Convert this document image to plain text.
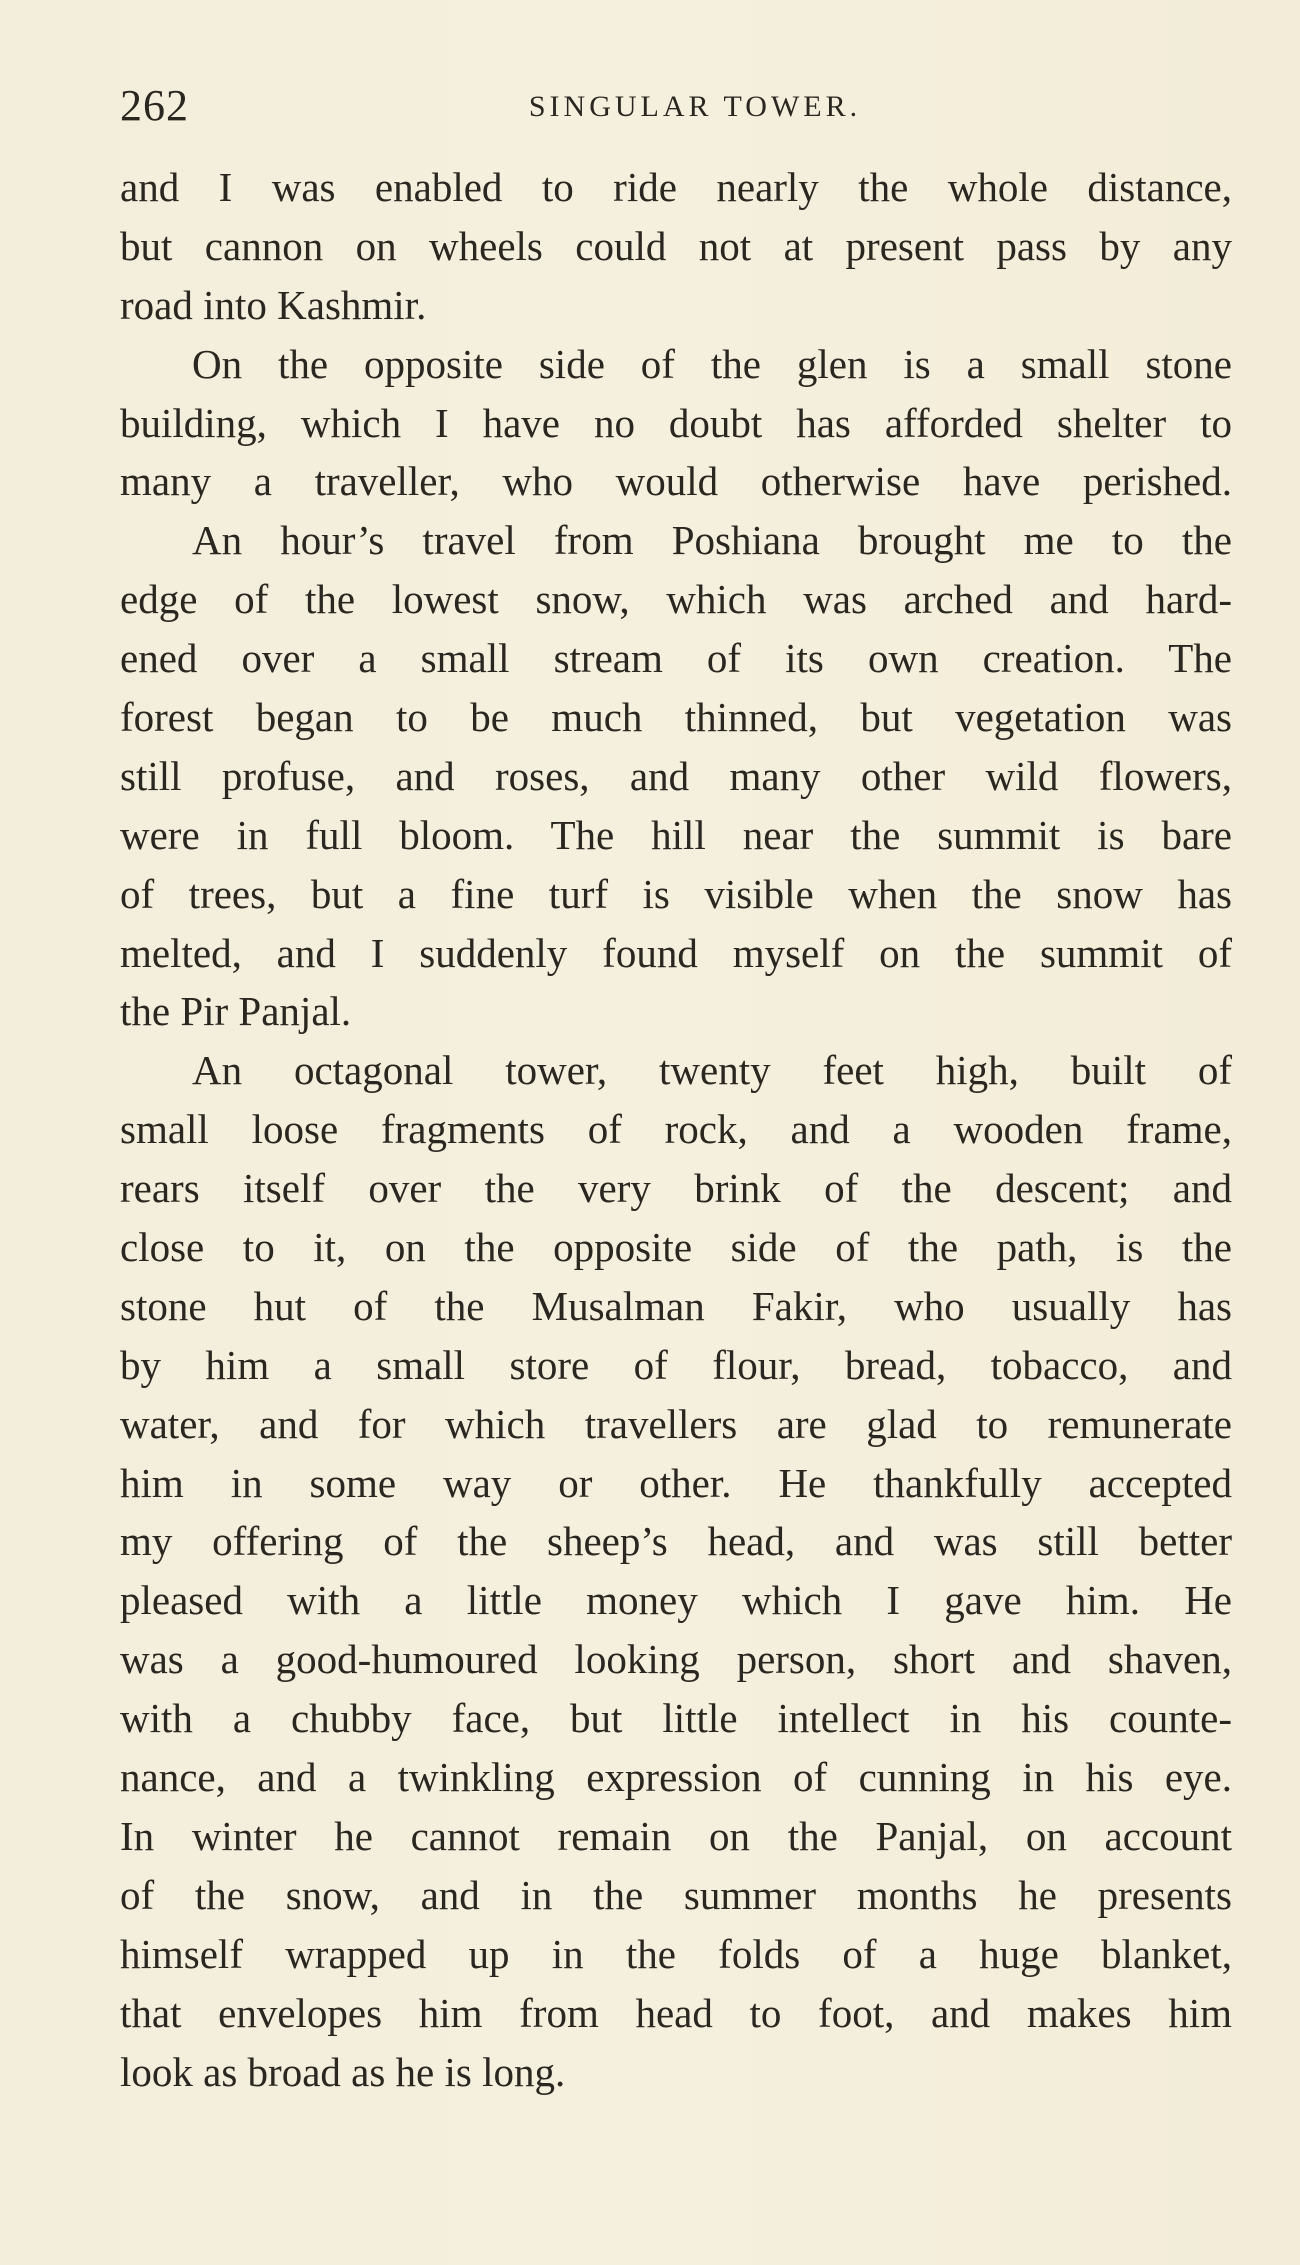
262	SINGULAR TOWER.
and I was enabled to ride nearly the whole distance,
but cannon on wheels could not at present pass by any
road into Kashmir.
On the opposite side of the glen is a small stone
building, which I have no doubt has afforded shelter to
many a traveller, who would otherwise have perished.
An hour’s travel from Poshiana brought me to the
edge of the lowest snow, which was arched and hard-
ened over a small stream of its own creation. The
forest began to be much thinned, but vegetation was
still profuse, and roses, and many other wild flowers,
were in full bloom. The hill near the summit is bare
of trees, but a fine turf is visible when the snow has
melted, and I suddenly found myself on the summit of
the Pir Panjal.
An octagonal tower, twenty feet high, built of
small loose fragments of rock, and a wooden frame,
rears itself over the very brink of the descent; and
close to it, on the opposite side of the path, is the
stone hut of the Musalman Fakir, who usually has
by him a small store of flour, bread, tobacco, and
water, and for which travellers are glad to remunerate
him in some way or other. He thankfully accepted
my offering of the sheep’s head, and was still better
pleased with a little money which I gave him. He
was a good-humoured looking person, short and shaven,
with a chubby face, but little intellect in his counte-
nance, and a twinkling expression of cunning in his eye.
In winter he cannot remain on the Panjal, on account
of the snow, and in the summer months he presents
himself wrapped up in the folds of a huge blanket,
that envelopes him from head to foot, and makes him
look as broad as he is long.
